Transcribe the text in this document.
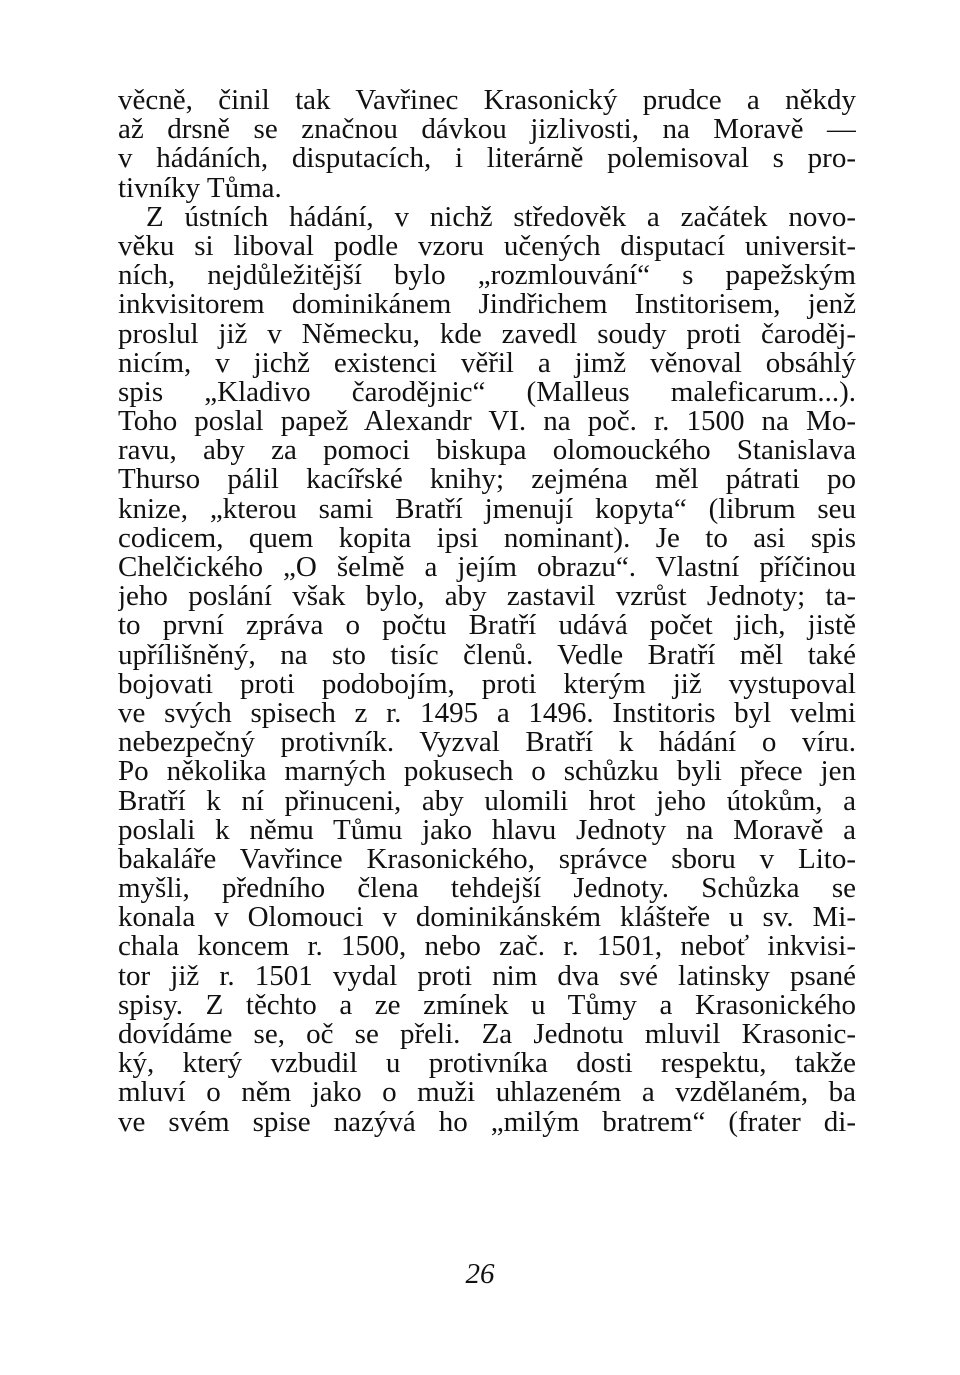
věcně, činil tak Vavřinec Krasonický prudce a někdy
až drsně se značnou dávkou jizlivosti, na Moravě —
v hádáních, disputacích, i literárně polemisoval s pro-
tivníky Tůma.
Z ústních hádání, v nichž středověk a začátek novo-
věku si liboval podle vzoru učených disputací universit-
ních, nejdůležitější bylo „rozmlouvání“ s papežským
inkvisitorem dominikánem Jindřichem Institorisem, jenž
proslul již v Německu, kde zavedl soudy proti čaroděj-
nicím, v jichž existenci věřil a jimž věnoval obsáhlý
spis „Kladivo čarodějnic“ (Malleus maleficarum...).
Toho poslal papež Alexandr VI. na poč. r. 1500 na Mo-
ravu, aby za pomoci biskupa olomouckého Stanislava
Thurso pálil kacířské knihy; zejména měl pátrati po
knize, „kterou sami Bratří jmenují kopyta“ (librum seu
codicem, quem kopita ipsi nominant). Je to asi spis
Chelčického „O šelmě a jejím obrazu“. Vlastní příčinou
jeho poslání však bylo, aby zastavil vzrůst Jednoty; ta-
to první zpráva o počtu Bratří udává počet jich, jistě
upřílišněný, na sto tisíc členů. Vedle Bratří měl také
bojovati proti podobojím, proti kterým již vystupoval
ve svých spisech z r. 1495 a 1496. Institoris byl velmi
nebezpečný protivník. Vyzval Bratří k hádání o víru.
Po několika marných pokusech o schůzku byli přece jen
Bratří k ní přinuceni, aby ulomili hrot jeho útokům, a
poslali k němu Tůmu jako hlavu Jednoty na Moravě a
bakaláře Vavřince Krasonického, správce sboru v Lito-
myšli, předního člena tehdejší Jednoty. Schůzka se
konala v Olomouci v dominikánském klášteře u sv. Mi-
chala koncem r. 1500, nebo zač. r. 1501, neboť inkvisi-
tor již r. 1501 vydal proti nim dva své latinsky psané
spisy. Z těchto a ze zmínek u Tůmy a Krasonického
dovídáme se, oč se přeli. Za Jednotu mluvil Krasonic-
ký, který vzbudil u protivníka dosti respektu, takže
mluví o něm jako o muži uhlazeném a vzdělaném, ba
ve svém spise nazývá ho „milým bratrem“ (frater di-
26
